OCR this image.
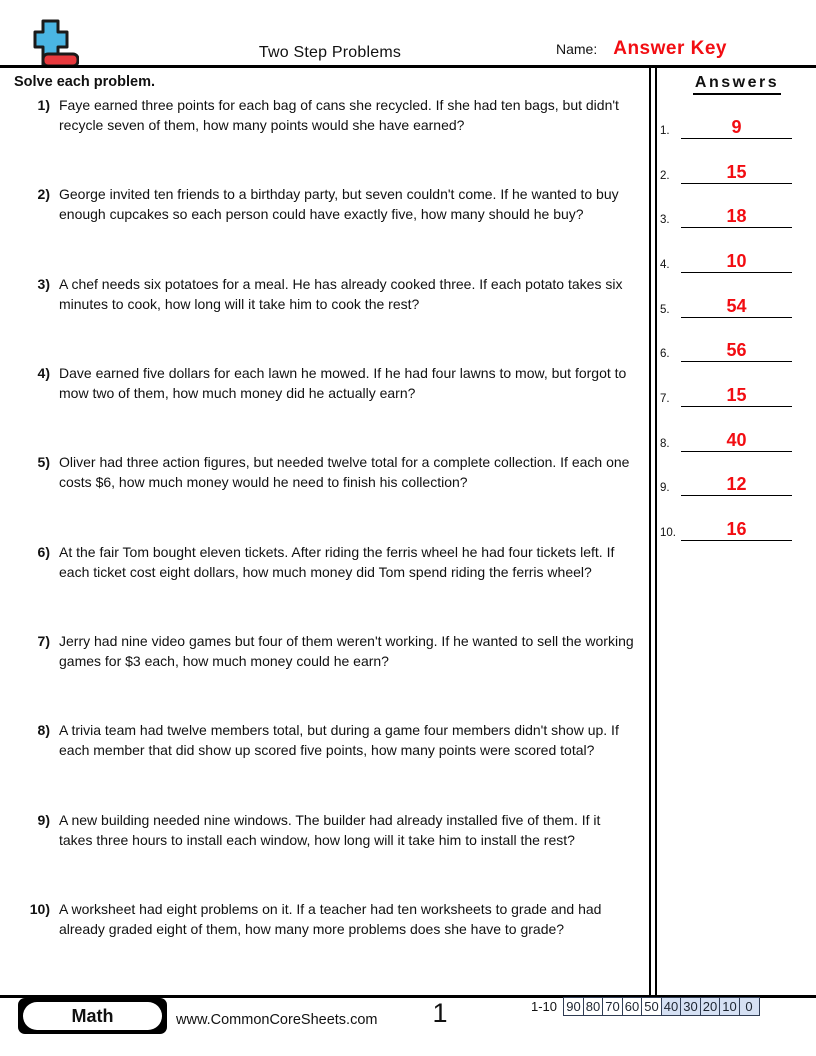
Two Step Problems	Name: Answer Key
Solve each problem.
1) Faye earned three points for each bag of cans she recycled. If she had ten bags, but didn't recycle seven of them, how many points would she have earned?
2) George invited ten friends to a birthday party, but seven couldn't come. If he wanted to buy enough cupcakes so each person could have exactly five, how many should he buy?
3) A chef needs six potatoes for a meal. He has already cooked three. If each potato takes six minutes to cook, how long will it take him to cook the rest?
4) Dave earned five dollars for each lawn he mowed. If he had four lawns to mow, but forgot to mow two of them, how much money did he actually earn?
5) Oliver had three action figures, but needed twelve total for a complete collection. If each one costs $6, how much money would he need to finish his collection?
6) At the fair Tom bought eleven tickets. After riding the ferris wheel he had four tickets left. If each ticket cost eight dollars, how much money did Tom spend riding the ferris wheel?
7) Jerry had nine video games but four of them weren't working. If he wanted to sell the working games for $3 each, how much money could he earn?
8) A trivia team had twelve members total, but during a game four members didn't show up. If each member that did show up scored five points, how many points were scored total?
9) A new building needed nine windows. The builder had already installed five of them. If it takes three hours to install each window, how long will it take him to install the rest?
10) A worksheet had eight problems on it. If a teacher had ten worksheets to grade and had already graded eight of them, how many more problems does she have to grade?
Answers
1.	9
2.	15
3.	18
4.	10
5.	54
6.	56
7.	15
8.	40
9.	12
10.	16
Math	www.CommonCoreSheets.com	1	1-10 90 80 70 60 50 40 30 20 10 0
